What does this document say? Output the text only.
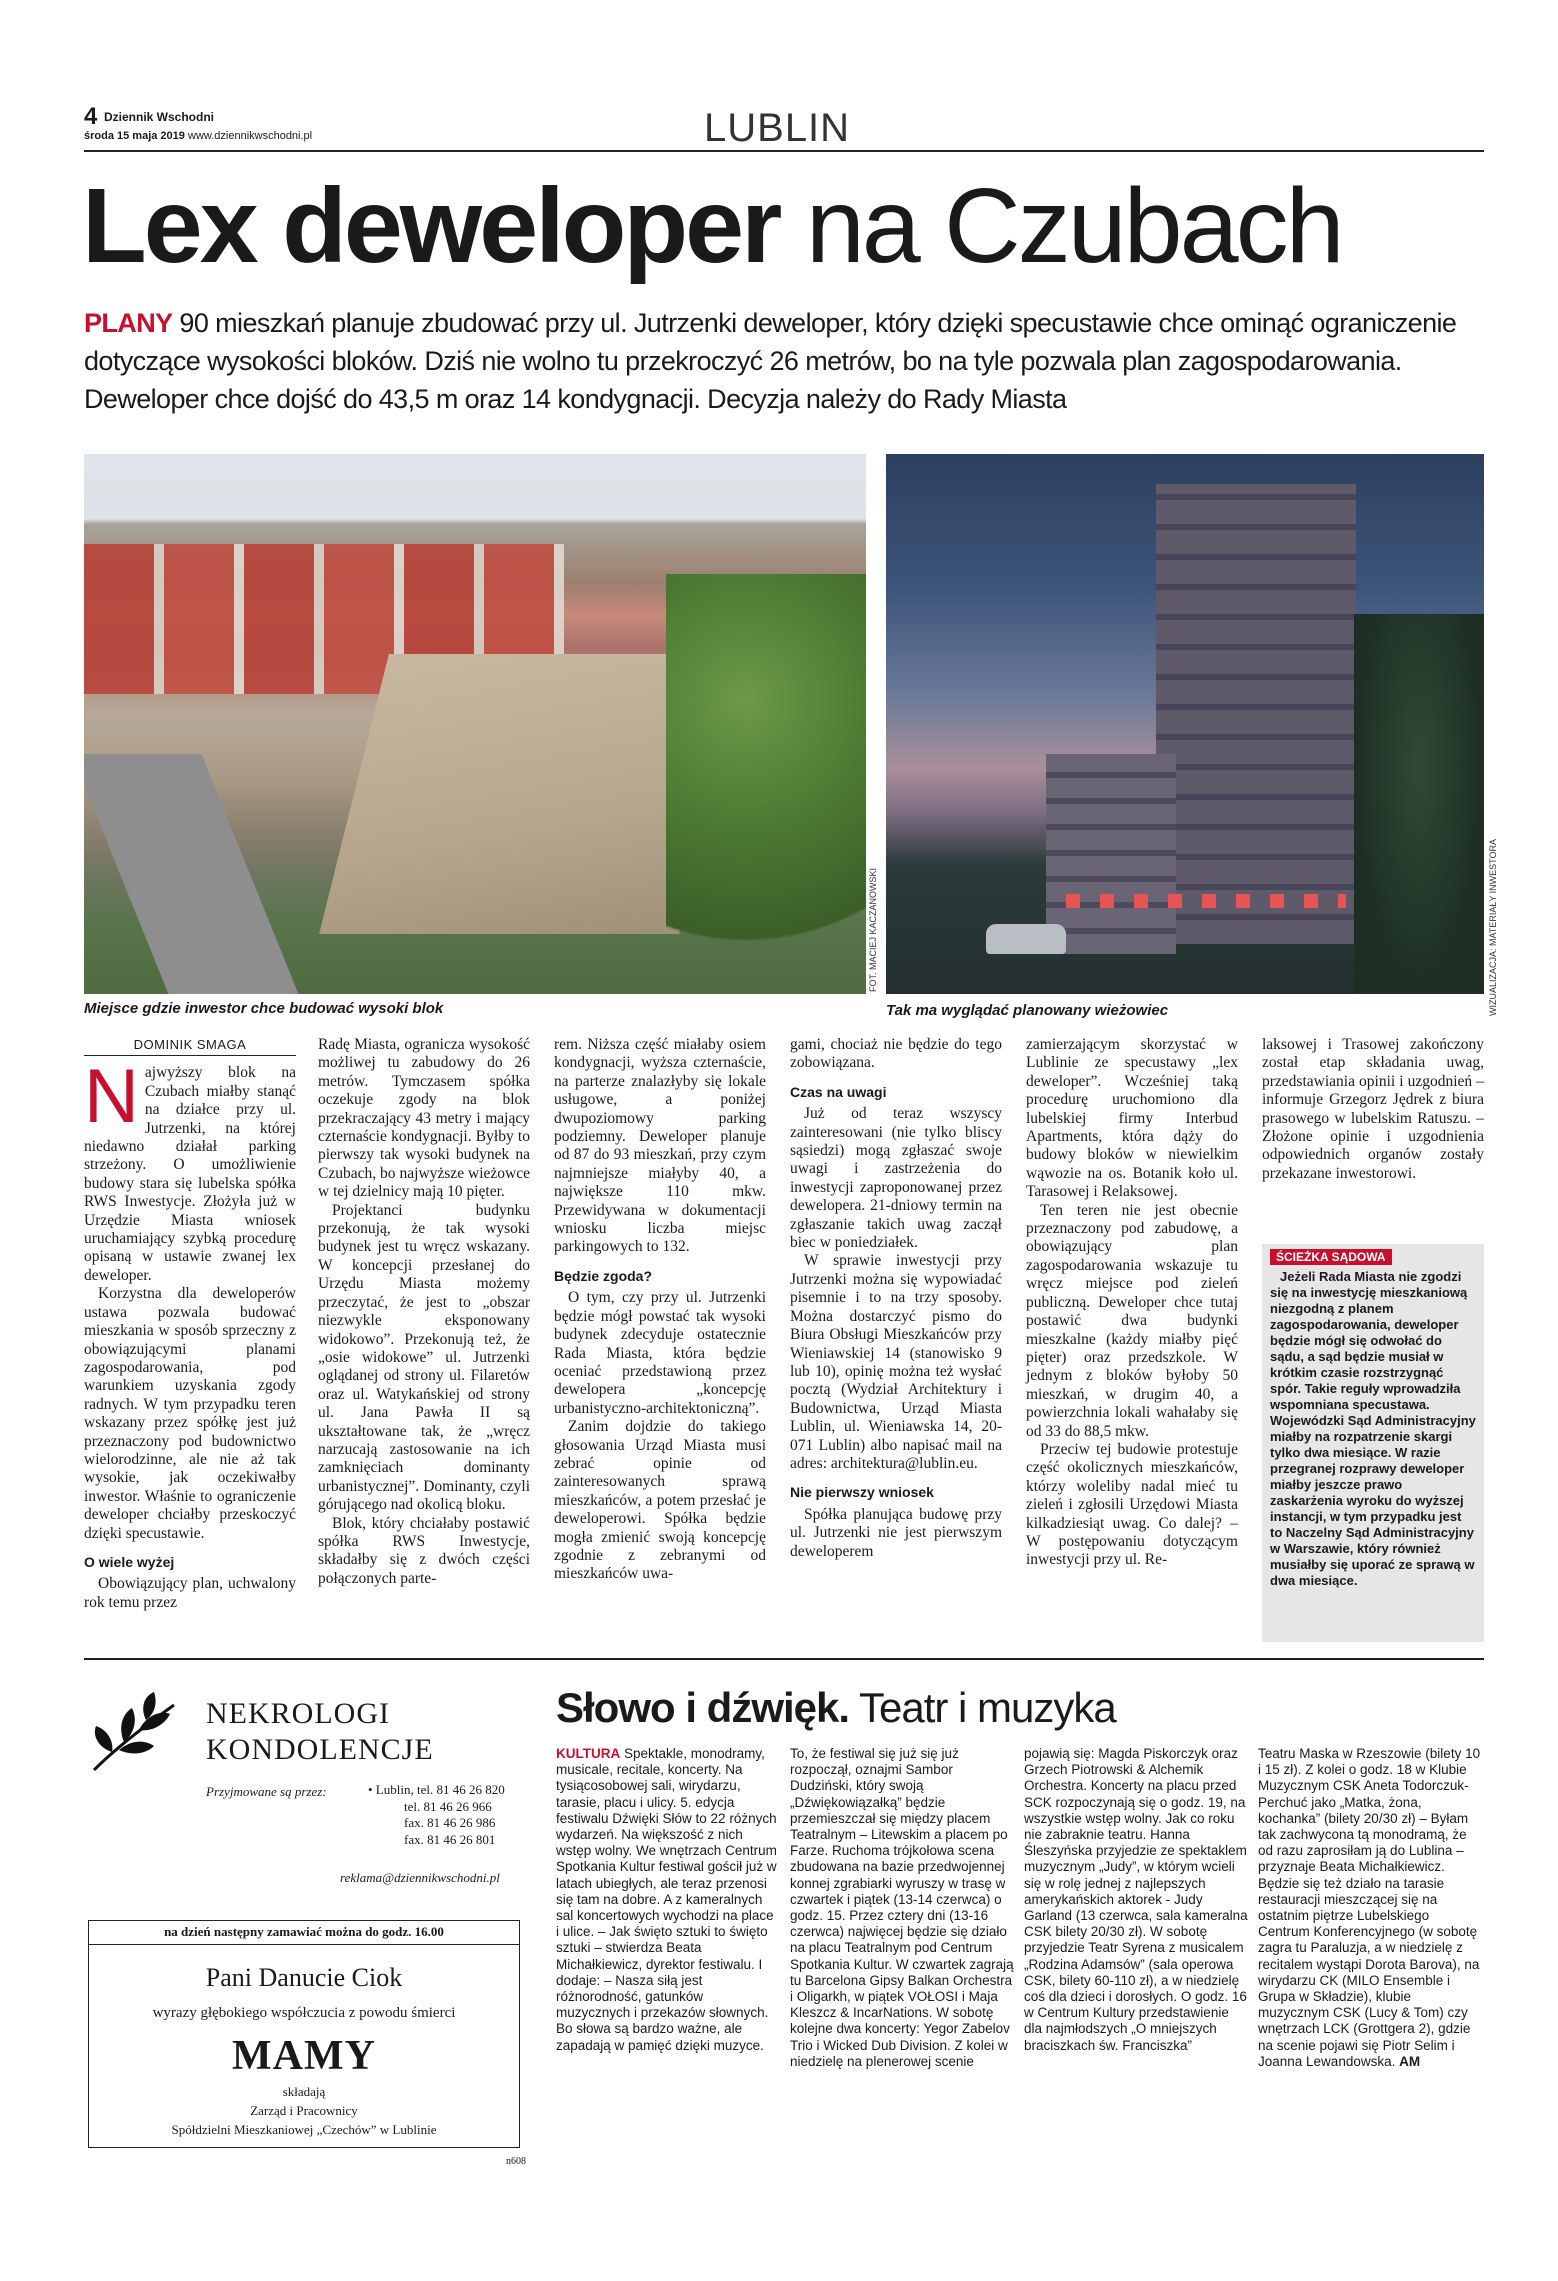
4 Dziennik Wschodni
środa 15 maja 2019 www.dziennikwschodni.pl	LUBLIN
Lex deweloper na Czubach
PLANY 90 mieszkań planuje zbudować przy ul. Jutrzenki deweloper, który dzięki specustawie chce ominąć ograniczenie dotyczące wysokości bloków. Dziś nie wolno tu przekroczyć 26 metrów, bo na tyle pozwala plan zagospodarowania. Deweloper chce dojść do 43,5 m oraz 14 kondygnacji. Decyzja należy do Rady Miasta
FOT. MACIEJ KACZANOWSKI	WIZUALIZACJA: MATERIAŁY INWESTORA
Miejsce gdzie inwestor chce budować wysoki blok	Tak ma wyglądać planowany wieżowiec
DOMINIK SMAGA
N ajwyższy blok na Czubach miałby stanąć na działce przy ul. Jutrzenki, na której niedawno działał parking strzeżony. O umożliwienie budowy stara się lubelska spółka RWS Inwestycje. Złożyła już w Urzędzie Miasta wniosek uruchamiający szybką procedurę opisaną w ustawie zwanej lex deweloper.

Korzystna dla deweloperów ustawa pozwala budować mieszkania w sposób sprzeczny z obowiązującymi planami zagospodarowania, pod warunkiem uzyskania zgody radnych. W tym przypadku teren wskazany przez spółkę jest już przeznaczony pod budownictwo wielorodzinne, ale nie aż tak wysokie, jak oczekiwałby inwestor. Właśnie to ograniczenie deweloper chciałby przeskoczyć dzięki specustawie.

O wiele wyżej

Obowiązujący plan, uchwalony rok temu przez

Radę Miasta, ogranicza wysokość możliwej tu zabudowy do 26 metrów. Tymczasem spółka oczekuje zgody na blok przekraczający 43 metry i mający czternaście kondygnacji. Byłby to pierwszy tak wysoki budynek na Czubach, bo najwyższe wieżowce w tej dzielnicy mają 10 pięter.

Projektanci budynku przekonują, że tak wysoki budynek jest tu wręcz wskazany. W koncepcji przesłanej do Urzędu Miasta możemy przeczytać, że jest to „obszar niezwykle eksponowany widokowo”. Przekonują też, że „osie widokowe” ul. Jutrzenki oglądanej od strony ul. Filaretów oraz ul. Watykańskiej od strony ul. Jana Pawła II są ukształtowane tak, że „wręcz narzucają zastosowanie na ich zamknięciach dominanty urbanistycznej”. Dominanty, czyli górującego nad okolicą bloku.

Blok, który chciałaby postawić spółka RWS Inwestycje, składałby się z dwóch części połączonych parte-

rem. Niższa część miałaby osiem kondygnacji, wyższa czternaście, na parterze znalazłyby się lokale usługowe, a poniżej dwupoziomowy parking podziemny. Deweloper planuje od 87 do 93 mieszkań, przy czym najmniejsze miałyby 40, a największe 110 mkw. Przewidywana w dokumentacji wniosku liczba miejsc parkingowych to 132.

Będzie zgoda?

O tym, czy przy ul. Jutrzenki będzie mógł powstać tak wysoki budynek zdecyduje ostatecznie Rada Miasta, która będzie oceniać przedstawioną przez dewelopera „koncepcję urbanistyczno-architektoniczną”.

Zanim dojdzie do takiego głosowania Urząd Miasta musi zebrać opinie od zainteresowanych sprawą mieszkańców, a potem przesłać je deweloperowi. Spółka będzie mogła zmienić swoją koncepcję zgodnie z zebranymi od mieszkańców uwa-

gami, chociaż nie będzie do tego zobowiązana.

Czas na uwagi

Już od teraz wszyscy zainteresowani (nie tylko bliscy sąsiedzi) mogą zgłaszać swoje uwagi i zastrzeżenia do inwestycji zaproponowanej przez dewelopera. 21-dniowy termin na zgłaszanie takich uwag zaczął biec w poniedziałek.

W sprawie inwestycji przy Jutrzenki można się wypowiadać pisemnie i to na trzy sposoby. Można dostarczyć pismo do Biura Obsługi Mieszkańców przy Wieniawskiej 14 (stanowisko 9 lub 10), opinię można też wysłać pocztą (Wydział Architektury i Budownictwa, Urząd Miasta Lublin, ul. Wieniawska 14, 20-071 Lublin) albo napisać mail na adres: architektura@lublin.eu.

Nie pierwszy wniosek

Spółka planująca budowę przy ul. Jutrzenki nie jest pierwszym deweloperem

zamierzającym skorzystać w Lublinie ze specustawy „lex deweloper”. Wcześniej taką procedurę uruchomiono dla lubelskiej firmy Interbud Apartments, która dąży do budowy bloków w niewielkim wąwozie na os. Botanik koło ul. Tarasowej i Relaksowej.

Ten teren nie jest obecnie przeznaczony pod zabudowę, a obowiązujący plan zagospodarowania wskazuje tu wręcz miejsce pod zieleń publiczną. Deweloper chce tutaj postawić dwa budynki mieszkalne (każdy miałby pięć pięter) oraz przedszkole. W jednym z bloków byłoby 50 mieszkań, w drugim 40, a powierzchnia lokali wahałaby się od 33 do 88,5 mkw.

Przeciw tej budowie protestuje część okolicznych mieszkańców, którzy woleliby nadal mieć tu zieleń i zgłosili Urzędowi Miasta kilkadziesiąt uwag. Co dalej? – W postępowaniu dotyczącym inwestycji przy ul. Re-

laksowej i Trasowej zakończony został etap składania uwag, przedstawiania opinii i uzgodnień – informuje Grzegorz Jędrek z biura prasowego w lubelskim Ratuszu. – Złożone opinie i uzgodnienia odpowiednich organów zostały przekazane inwestorowi.

ŚCIEŻKA SĄDOWA
Jeżeli Rada Miasta nie zgodzi się na inwestycję mieszkaniową niezgodną z planem zagospodarowania, deweloper będzie mógł się odwołać do sądu, a sąd będzie musiał w krótkim czasie rozstrzygnąć spór. Takie reguły wprowadziła wspomniana specustawa. Wojewódzki Sąd Administracyjny miałby na rozpatrzenie skargi tylko dwa miesiące. W razie przegranej rozprawy deweloper miałby jeszcze prawo zaskarżenia wyroku do wyższej instancji, w tym przypadku jest to Naczelny Sąd Administracyjny w Warszawie, który również musiałby się uporać ze sprawą w dwa miesiące.
NEKROLOGI
KONDOLENCJE
Przyjmowane są przez:	• Lublin, tel. 81 46 26 820
tel. 81 46 26 966
fax. 81 46 26 986
fax. 81 46 26 801
reklama@dziennikwschodni.pl
na dzień następny zamawiać można do godz. 16.00
Pani Danucie Ciok
wyrazy głębokiego współczucia z powodu śmierci
MAMY
składają
Zarząd i Pracownicy
Spółdzielni Mieszkaniowej „Czechów” w Lublinie
n608
Słowo i dźwięk. Teatr i muzyka
KULTURA Spektakle, monodramy, musicale, recitale, koncerty. Na tysiącosobowej sali, wirydarzu, tarasie, placu i ulicy. 5. edycja festiwalu Dźwięki Słów to 22 różnych wydarzeń. Na większość z nich wstęp wolny. We wnętrzach Centrum Spotkania Kultur festiwal gościł już w latach ubiegłych, ale teraz przenosi się tam na dobre. A z kameralnych sal koncertowych wychodzi na place i ulice. – Jak święto sztuki to święto sztuki – stwierdza Beata Michałkiewicz, dyrektor festiwalu. I dodaje: – Nasza siłą jest różnorodność, gatunków muzycznych i przekazów słownych. Bo słowa są bardzo ważne, ale zapadają w pamięć dzięki muzyce.
To, że festiwal się już się już rozpoczął, oznajmi Sambor Dudziński, który swoją „Dźwiękowiązałką” będzie przemieszczał się między placem Teatralnym – Litewskim a placem po Farze. Ruchoma trójkołowa scena zbudowana na bazie przedwojennej konnej zgrabiarki wyruszy w trasę w czwartek i piątek (13-14 czerwca) o godz. 15. Przez cztery dni (13-16 czerwca) najwięcej będzie się działo na placu Teatralnym pod Centrum Spotkania Kultur. W czwartek zagrają tu Barcelona Gipsy Balkan Orchestra i Oligarkh, w piątek VOŁOSI i Maja Kleszcz & IncarNations. W sobotę kolejne dwa koncerty: Yegor Zabelov Trio i Wicked Dub Division. Z kolei w niedzielę na plenerowej scenie
pojawią się: Magda Piskorczyk oraz Grzech Piotrowski & Alchemik Orchestra. Koncerty na placu przed SCK rozpoczynają się o godz. 19, na wszystkie wstęp wolny. Jak co roku nie zabraknie teatru. Hanna Śleszyńska przyjedzie ze spektaklem muzycznym „Judy”, w którym wcieli się w rolę jednej z najlepszych amerykańskich aktorek - Judy Garland (13 czerwca, sala kameralna CSK bilety 20/30 zł). W sobotę przyjedzie Teatr Syrena z musicalem „Rodzina Adamsów” (sala operowa CSK, bilety 60-110 zł), a w niedzielę coś dla dzieci i dorosłych. O godz. 16 w Centrum Kultury przedstawienie dla najmłodszych „O mniejszych braciszkach św. Franciszka”
Teatru Maska w Rzeszowie (bilety 10 i 15 zł). Z kolei o godz. 18 w Klubie Muzycznym CSK Aneta Todorczuk-Perchuć jako „Matka, żona, kochanka” (bilety 20/30 zł) – Byłam tak zachwycona tą monodramą, że od razu zaprosiłam ją do Lublina – przyznaje Beata Michałkiewicz. Będzie się też działo na tarasie restauracji mieszczącej się na ostatnim piętrze Lubelskiego Centrum Konferencyjnego (w sobotę zagra tu Paraluzja, a w niedzielę z recitalem wystąpi Dorota Barova), na wirydarzu CK (MILO Ensemble i Grupa w Składzie), klubie muzycznym CSK (Lucy & Tom) czy wnętrzach LCK (Grottgera 2), gdzie na scenie pojawi się Piotr Selim i Joanna Lewandowska. AM
